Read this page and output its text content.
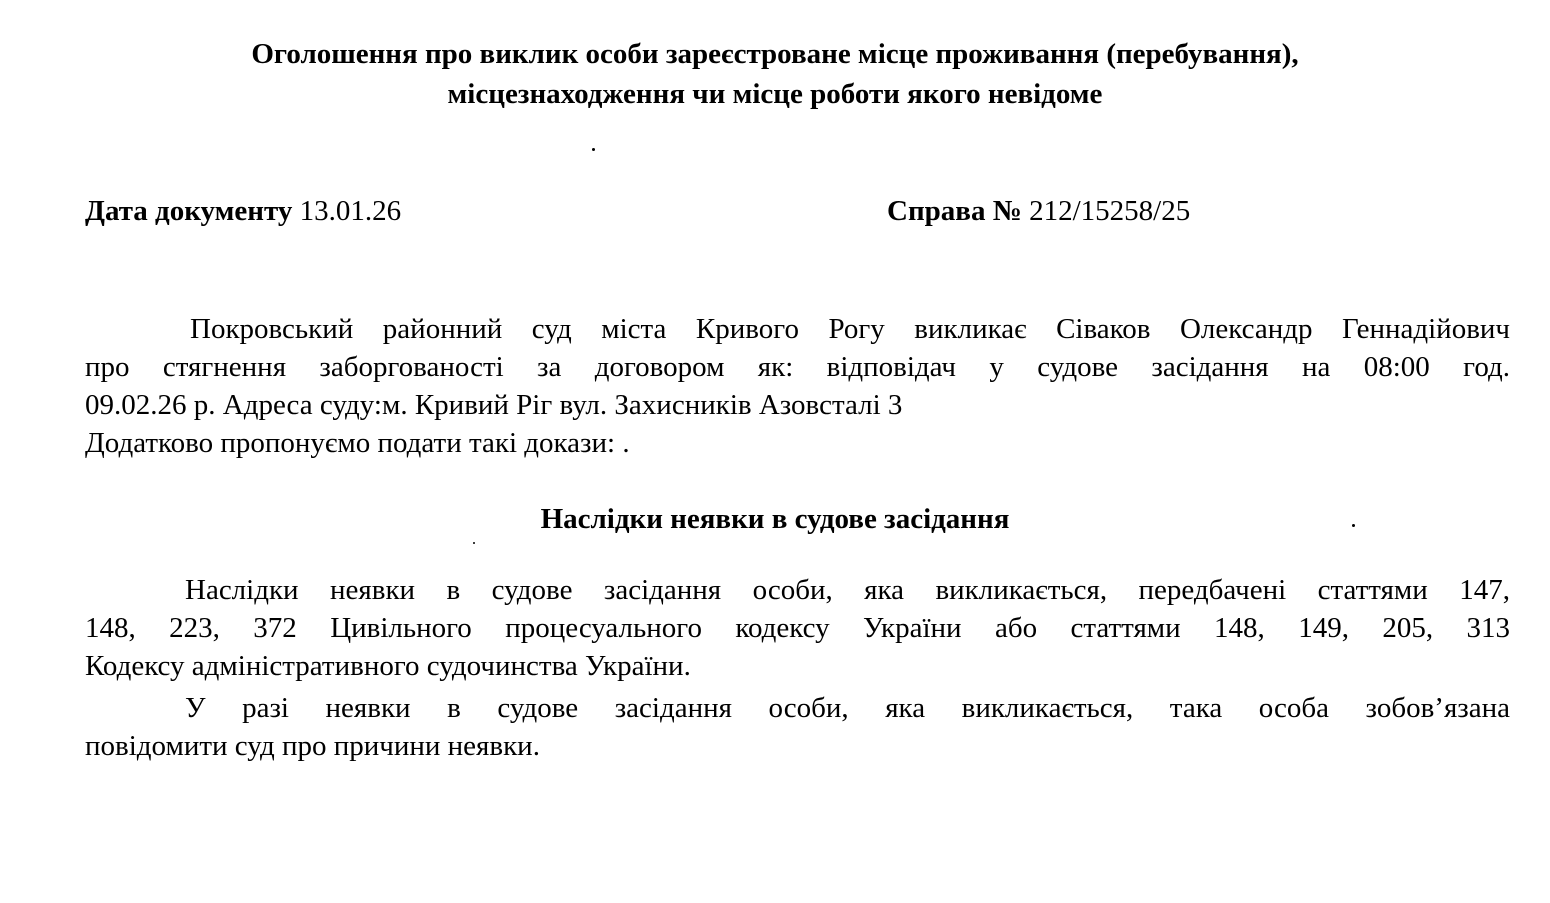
Оголошення про виклик особи зареєстроване місце проживання (перебування),
місцезнаходження чи місце роботи якого невідоме
Дата документу 13.01.26	Справа № 212/15258/25
Покровський районний суд міста Кривого Рогу викликає Сіваков Олександр Геннадійович
про стягнення заборгованості за договором як: відповідач у судове засідання на 08:00 год.
09.02.26 р. Адреса суду:м. Кривий Ріг вул. Захисників Азовсталі 3
Додатково пропонуємо подати такі докази: .
Наслідки неявки в судове засідання
Наслідки неявки в судове засідання особи, яка викликається, передбачені статтями 147,
148, 223, 372 Цивільного процесуального кодексу України або статтями 148, 149, 205, 313
Кодексу адміністративного судочинства України.
У разі неявки в судове засідання особи, яка викликається, така особа зобов’язана
повідомити суд про причини неявки.
